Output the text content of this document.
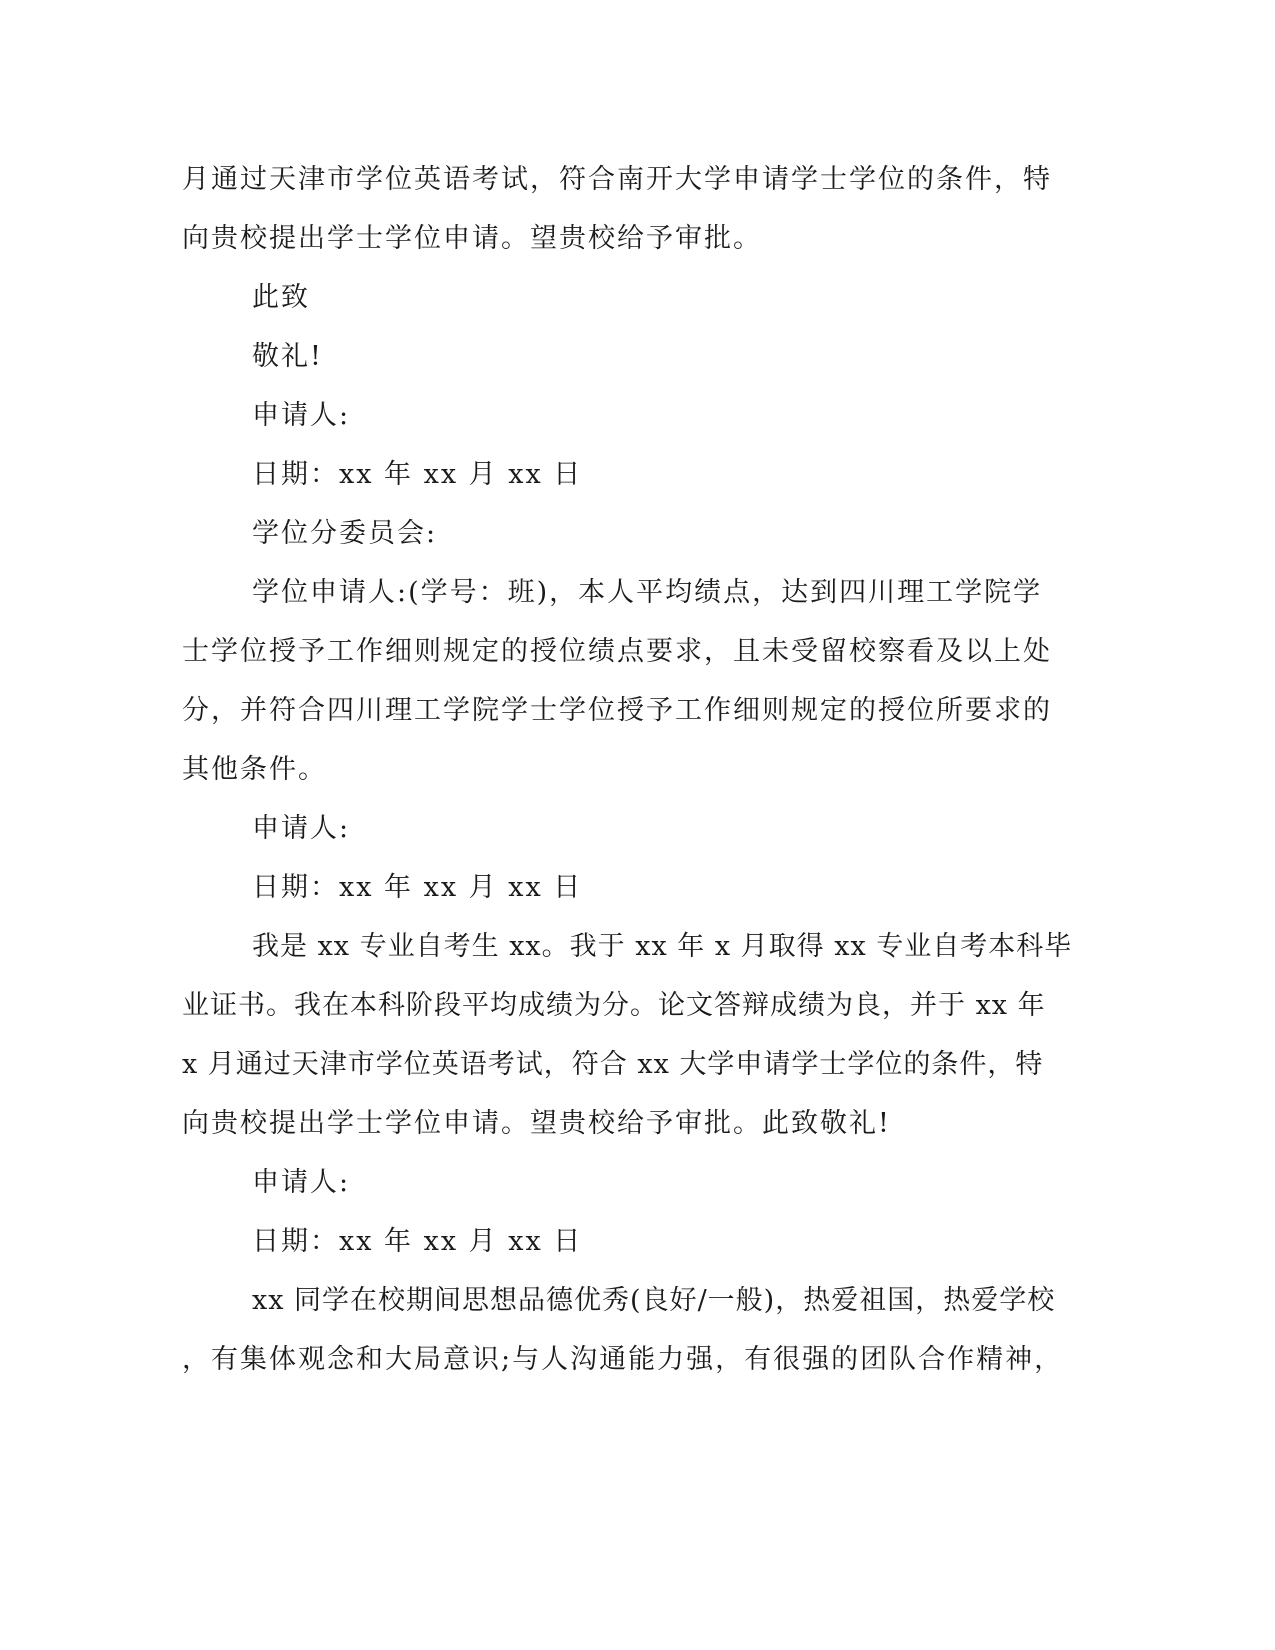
月通过天津市学位英语考试，符合南开大学申请学士学位的条件，特
向贵校提出学士学位申请。望贵校给予审批。
此致
敬礼!
申请人:
日期：xx 年 xx 月 xx 日
学位分委员会:
学位申请人:(学号：班)，本人平均绩点，达到四川理工学院学
士学位授予工作细则规定的授位绩点要求，且未受留校察看及以上处
分，并符合四川理工学院学士学位授予工作细则规定的授位所要求的
其他条件。
申请人:
日期：xx 年 xx 月 xx 日
我是 xx 专业自考生 xx。我于 xx 年 x 月取得 xx 专业自考本科毕
业证书。我在本科阶段平均成绩为分。论文答辩成绩为良，并于 xx 年
x 月通过天津市学位英语考试，符合 xx 大学申请学士学位的条件，特
向贵校提出学士学位申请。望贵校给予审批。此致敬礼!
申请人:
日期：xx 年 xx 月 xx 日
xx 同学在校期间思想品德优秀(良好/一般)，热爱祖国，热爱学校
，有集体观念和大局意识;与人沟通能力强，有很强的团队合作精神，
